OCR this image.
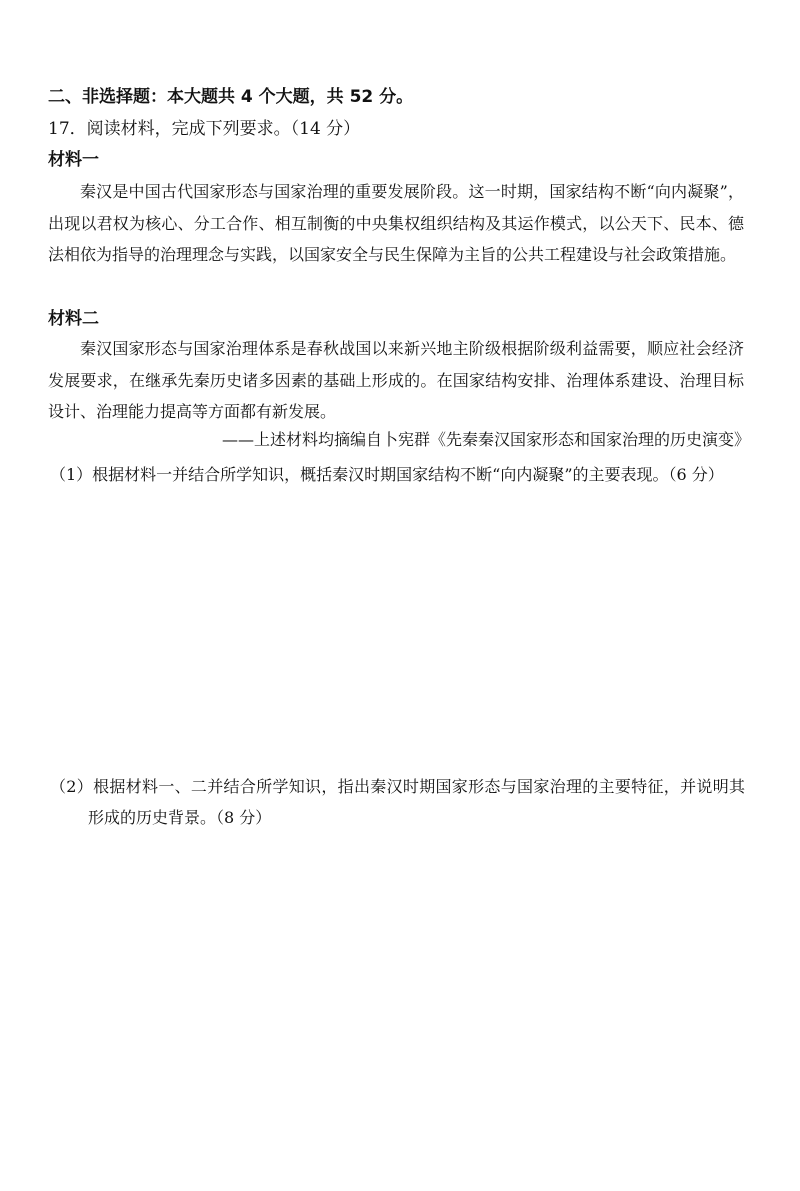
二、非选择题：本大题共 4 个大题，共 52 分。
17．阅读材料，完成下列要求。（14 分）
材料一
秦汉是中国古代国家形态与国家治理的重要发展阶段。这一时期，国家结构不断“向内凝聚”，出现以君权为核心、分工合作、相互制衡的中央集权组织结构及其运作模式，以公天下、民本、德法相依为指导的治理理念与实践，以国家安全与民生保障为主旨的公共工程建设与社会政策措施。
材料二
秦汉国家形态与国家治理体系是春秋战国以来新兴地主阶级根据阶级利益需要，顺应社会经济发展要求，在继承先秦历史诸多因素的基础上形成的。在国家结构安排、治理体系建设、治理目标设计、治理能力提高等方面都有新发展。
——上述材料均摘编自卜宪群《先秦秦汉国家形态和国家治理的历史演变》
（1）根据材料一并结合所学知识，概括秦汉时期国家结构不断“向内凝聚”的主要表现。（6 分）
（2）根据材料一、二并结合所学知识，指出秦汉时期国家形态与国家治理的主要特征，并说明其形成的历史背景。（8 分）
